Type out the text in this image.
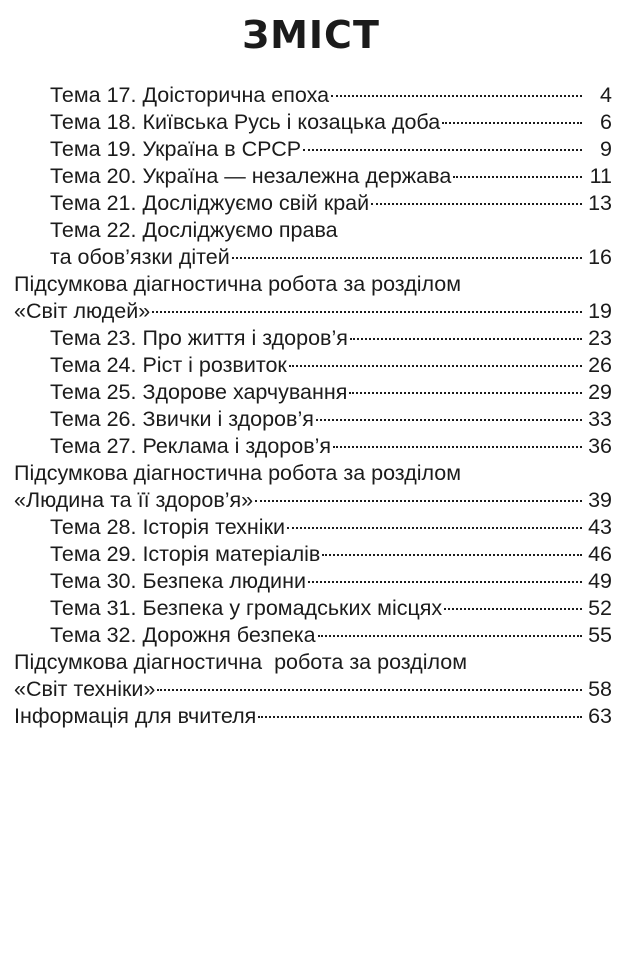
ЗМІСТ
Тема 17. Доісторична епоха	4
Тема 18. Київська Русь і козацька доба	6
Тема 19. Україна в СРСР	9
Тема 20. Україна — незалежна держава	11
Тема 21. Досліджуємо свій край	13
Тема 22. Досліджуємо права
та обов’язки дітей	16
Підсумкова діагностична робота за розділом
«Світ людей»	19
Тема 23. Про життя і здоров’я	23
Тема 24. Ріст і розвиток	26
Тема 25. Здорове харчування	29
Тема 26. Звички і здоров’я	33
Тема 27. Реклама і здоров’я	36
Підсумкова діагностична робота за розділом
«Людина та її здоров’я»	39
Тема 28. Історія техніки	43
Тема 29. Історія матеріалів	46
Тема 30. Безпека людини	49
Тема 31. Безпека у громадських місцях	52
Тема 32. Дорожня безпека	55
Підсумкова діагностична  робота за розділом
«Світ техніки»	58
Інформація для вчителя	63
